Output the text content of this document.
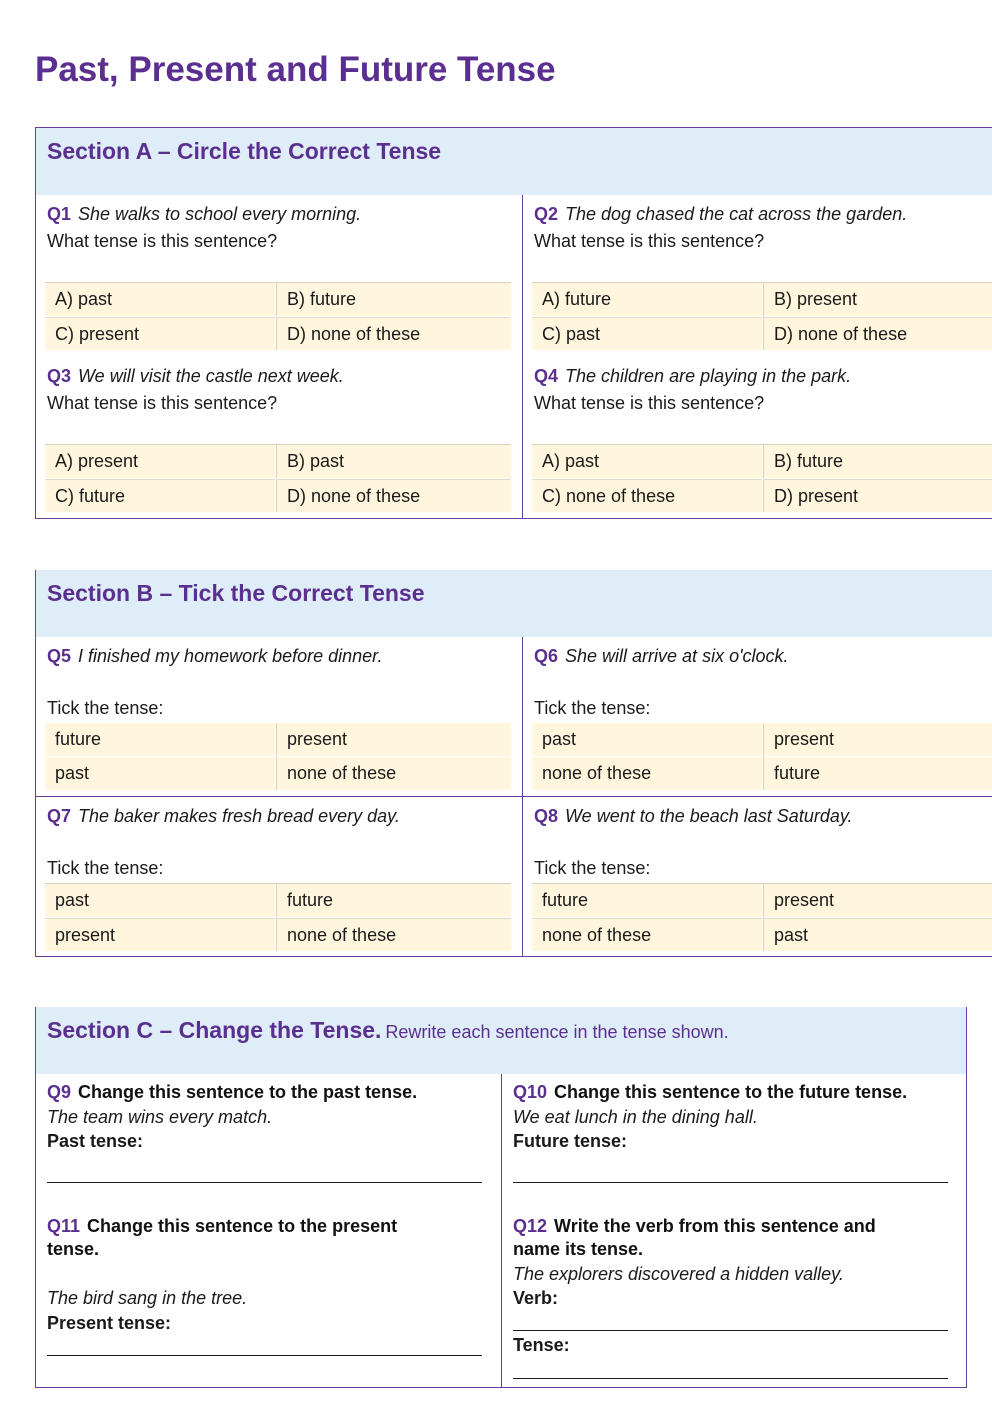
Past, Present and Future Tense
Section A – Circle the Correct Tense
Q1 She walks to school every morning.
What tense is this sentence?
A) past	B) future
C) present	D) none of these
Q2 The dog chased the cat across the garden.
What tense is this sentence?
A) future	B) present
C) past	D) none of these
Q3 We will visit the castle next week.
What tense is this sentence?
A) present	B) past
C) future	D) none of these
Q4 The children are playing in the park.
What tense is this sentence?
A) past	B) future
C) none of these	D) present
Section B – Tick the Correct Tense
Q5 I finished my homework before dinner.
Tick the tense:
future	present
past	none of these
Q6 She will arrive at six o'clock.
Tick the tense:
past	present
none of these	future
Q7 The baker makes fresh bread every day.
Tick the tense:
past	future
present	none of these
Q8 We went to the beach last Saturday.
Tick the tense:
future	present
none of these	past
Section C – Change the Tense. Rewrite each sentence in the tense shown.
Q9 Change this sentence to the past tense.
The team wins every match.
Past tense:
Q10 Change this sentence to the future tense.
We eat lunch in the dining hall.
Future tense:
Q11 Change this sentence to the present
tense.
The bird sang in the tree.
Present tense:
Q12 Write the verb from this sentence and
name its tense.
The explorers discovered a hidden valley.
Verb:
Tense:
